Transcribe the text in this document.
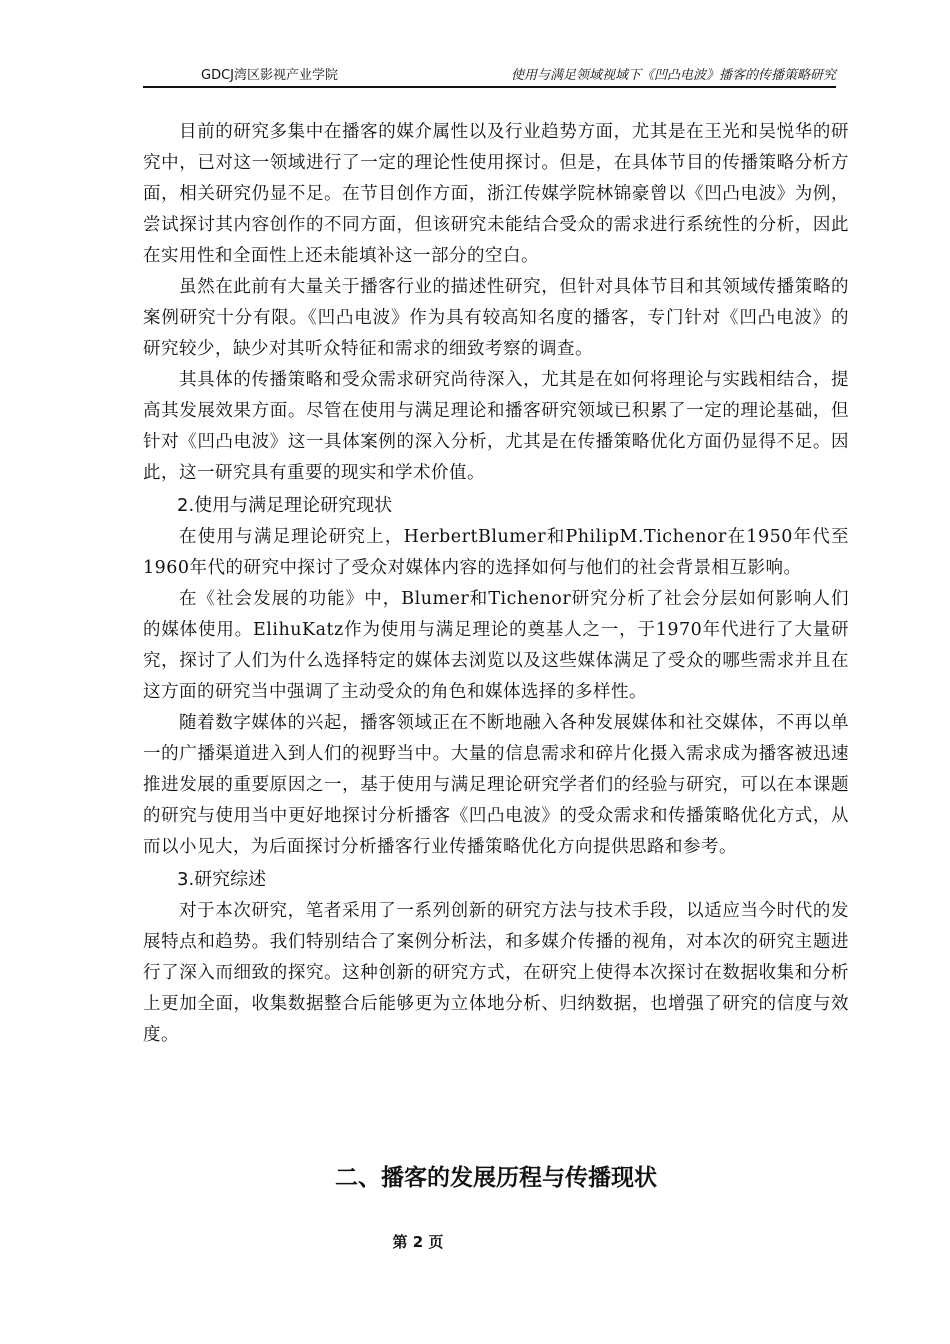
GDCJ湾区影视产业学院	使用与满足领域视域下《凹凸电波》播客的传播策略研究

目前的研究多集中在播客的媒介属性以及行业趋势方面，尤其是在王光和吴悦华的研究中，已对这一领域进行了一定的理论性使用探讨。但是，在具体节目的传播策略分析方面，相关研究仍显不足。在节目创作方面，浙江传媒学院林锦豪曾以《凹凸电波》为例，尝试探讨其内容创作的不同方面，但该研究未能结合受众的需求进行系统性的分析，因此在实用性和全面性上还未能填补这一部分的空白。

虽然在此前有大量关于播客行业的描述性研究，但针对具体节目和其领域传播策略的案例研究十分有限。《凹凸电波》作为具有较高知名度的播客，专门针对《凹凸电波》的研究较少，缺少对其听众特征和需求的细致考察的调查。

其具体的传播策略和受众需求研究尚待深入，尤其是在如何将理论与实践相结合，提高其发展效果方面。尽管在使用与满足理论和播客研究领域已积累了一定的理论基础，但针对《凹凸电波》这一具体案例的深入分析，尤其是在传播策略优化方面仍显得不足。因此，这一研究具有重要的现实和学术价值。

2.使用与满足理论研究现状

在使用与满足理论研究上，HerbertBlumer和PhilipM.Tichenor在1950年代至1960年代的研究中探讨了受众对媒体内容的选择如何与他们的社会背景相互影响。

在《社会发展的功能》中，Blumer和Tichenor研究分析了社会分层如何影响人们的媒体使用。ElihuKatz作为使用与满足理论的奠基人之一，于1970年代进行了大量研究，探讨了人们为什么选择特定的媒体去浏览以及这些媒体满足了受众的哪些需求并且在这方面的研究当中强调了主动受众的角色和媒体选择的多样性。

随着数字媒体的兴起，播客领域正在不断地融入各种发展媒体和社交媒体，不再以单一的广播渠道进入到人们的视野当中。大量的信息需求和碎片化摄入需求成为播客被迅速推进发展的重要原因之一，基于使用与满足理论研究学者们的经验与研究，可以在本课题的研究与使用当中更好地探讨分析播客《凹凸电波》的受众需求和传播策略优化方式，从而以小见大，为后面探讨分析播客行业传播策略优化方向提供思路和参考。

3.研究综述

对于本次研究，笔者采用了一系列创新的研究方法与技术手段，以适应当今时代的发展特点和趋势。我们特别结合了案例分析法，和多媒介传播的视角，对本次的研究主题进行了深入而细致的探究。这种创新的研究方式，在研究上使得本次探讨在数据收集和分析上更加全面，收集数据整合后能够更为立体地分析、归纳数据，也增强了研究的信度与效度。

二、播客的发展历程与传播现状
第 2 页
